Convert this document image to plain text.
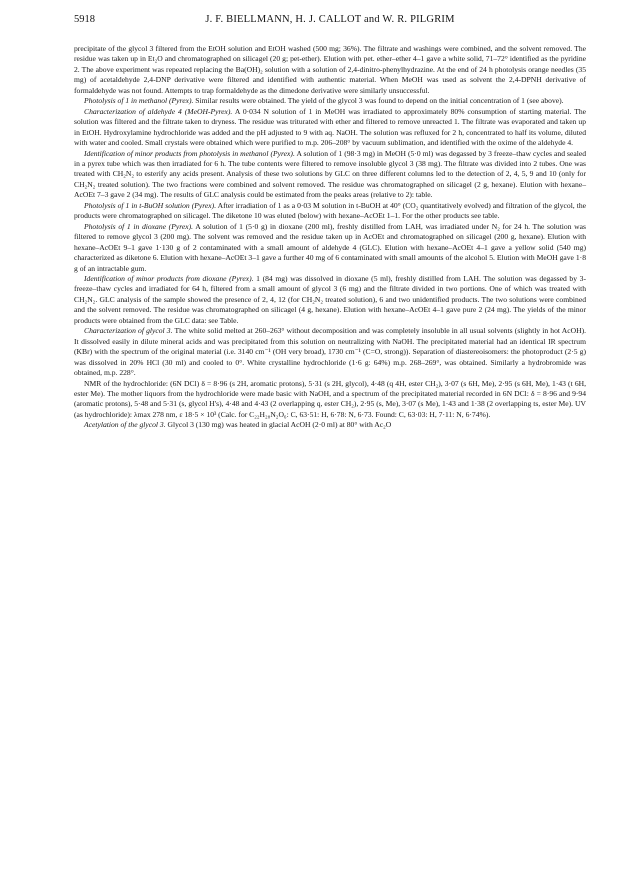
5918	J. F. BIELLMANN, H. J. CALLOT and W. R. PILGRIM

precipitate of the glycol 3 filtered from the EtOH solution and EtOH washed (500 mg; 36%). The filtrate and washings were combined, and the solvent removed. The residue was taken up in Et₂O and chromatographed on silicagel (20 g; pet-ether). Elution with pet. ether–ether 4–1 gave a white solid, 71–72° identified as the pyridine 2. The above experiment was repeated replacing the Ba(OH)₂ solution with a solution of 2,4-dinitro-phenylhydrazine. At the end of 24 h photolysis orange needles (35 mg) of acetaldehyde 2,4-DNP derivative were filtered and identified with authentic material. When MeOH was used as solvent the 2,4-DPNH derivative of formaldehyde was not found. Attempts to trap formaldehyde as the dimedone derivative were similarly unsuccessful.

Photolysis of 1 in methanol (Pyrex). Similar results were obtained. The yield of the glycol 3 was found to depend on the initial concentration of 1 (see above).

Characterization of aldehyde 4 (MeOH-Pyrex). A 0·034 N solution of 1 in MeOH was irradiated to approximately 80% consumption of starting material. The solution was filtered and the filtrate taken to dryness. The residue was triturated with ether and filtered to remove unreacted 1. The filtrate was evaporated and taken up in EtOH. Hydroxylamine hydrochloride was added and the pH adjusted to 9 with aq. NaOH. The solution was refluxed for 2 h, concentrated to half its volume, diluted with water and cooled. Small crystals were obtained which were purified to m.p. 206–208° by vacuum sublimation, and identified with the oxime of the aldehyde 4.

Identification of minor products from photolysis in methanol (Pyrex). A solution of 1 (98·3 mg) in MeOH (5·0 ml) was degassed by 3 freeze–thaw cycles and sealed in a pyrex tube which was then irradiated for 6 h. The tube contents were filtered to remove insoluble glycol 3 (38 mg). The filtrate was divided into 2 tubes. One was treated with CH₂N₂ to esterify any acids present. Analysis of these two solutions by GLC on three different columns led to the detection of 2, 4, 5, 9 and 10 (only for CH₂N₂ treated solution). The two fractions were combined and solvent removed. The residue was chromatographed on silicagel (2 g, hexane). Elution with hexane–AcOEt 7–3 gave 2 (34 mg). The results of GLC analysis could be estimated from the peaks areas (relative to 2): table.

Photolysis of 1 in t-BuOH solution (Pyrex). After irradiation of 1 as a 0·03 M solution in t-BuOH at 40° (CO₂ quantitatively evolved) and filtration of the glycol, the products were chromatographed on silicagel. The diketone 10 was eluted (below) with hexane–AcOEt 1–1. For the other products see table.

Photolysis of 1 in dioxane (Pyrex). A solution of 1 (5·0 g) in dioxane (200 ml), freshly distilled from LAH, was irradiated under N₂ for 24 h. The solution was filtered to remove glycol 3 (200 mg). The solvent was removed and the residue taken up in AcOEt and chromatographed on silicagel (200 g, hexane). Elution with hexane–AcOEt 9–1 gave 1·130 g of 2 contaminated with a small amount of aldehyde 4 (GLC). Elution with hexane–AcOEt 4–1 gave a yellow solid (540 mg) characterized as diketone 6. Elution with hexane–AcOEt 3–1 gave a further 40 mg of 6 contaminated with small amounts of the alcohol 5. Elution with MeOH gave 1·8 g of an intractable gum.

Identification of minor products from dioxane (Pyrex). 1 (84 mg) was dissolved in dioxane (5 ml), freshly distilled from LAH. The solution was degassed by 3-freeze–thaw cycles and irradiated for 64 h, filtered from a small amount of glycol 3 (6 mg) and the filtrate divided in two portions. One of which was treated with CH₂N₂. GLC analysis of the sample showed the presence of 2, 4, 12 (for CH₂N₂ treated solution), 6 and two unidentified products. The two solutions were combined and the solvent removed. The residue was chromatographed on silicagel (4 g, hexane). Elution with hexane–AcOEt 4–1 gave pure 2 (24 mg). The yields of the minor products were obtained from the GLC data: see Table.

Characterization of glycol 3. The white solid melted at 260–263° without decomposition and was completely insoluble in all usual solvents (slightly in hot AcOH). It dissolved easily in dilute mineral acids and was precipitated from this solution on neutralizing with NaOH. The precipitated material had an identical IR spectrum (KBr) with the spectrum of the original material (i.e. 3140 cm⁻¹ (OH very broad), 1730 cm⁻¹ (C=O, strong)). Separation of diastereoisomers: the photoproduct (2·5 g) was dissolved in 20% HCl (30 ml) and cooled to 0°. White crystalline hydrochloride (1·6 g: 64%) m.p. 268–269°, was obtained. Similarly a hydrobromide was obtained, m.p. 228°.

NMR of the hydrochloride: (6N DCl) δ = 8·96 (s 2H, aromatic protons), 5·31 (s 2H, glycol), 4·48 (q 4H, ester CH₂), 3·07 (s 6H, Me), 2·95 (s 6H, Me), 1·43 (t 6H, ester Me). The mother liquors from the hydrochloride were made basic with NaOH, and a spectrum of the precipitated material recorded in 6N DCl: δ = 8·96 and 9·94 (aromatic protons), 5·48 and 5·31 (s, glycol H's), 4·48 and 4·43 (2 overlapping q, ester CH₂), 2·95 (s, Me), 3·07 (s Me), 1·43 and 1·38 (2 overlapping ts, ester Me). UV (as hydrochloride): λmax 278 nm, ε 18·5 × 10³ (Calc. for C₂₂H₂₈N₂O₆: C, 63·51: H, 6·78: N, 6·73. Found: C, 63·03: H, 7·11: N, 6·74%).

Acetylation of the glycol 3. Glycol 3 (130 mg) was heated in glacial AcOH (2·0 ml) at 80° with Ac₂O
